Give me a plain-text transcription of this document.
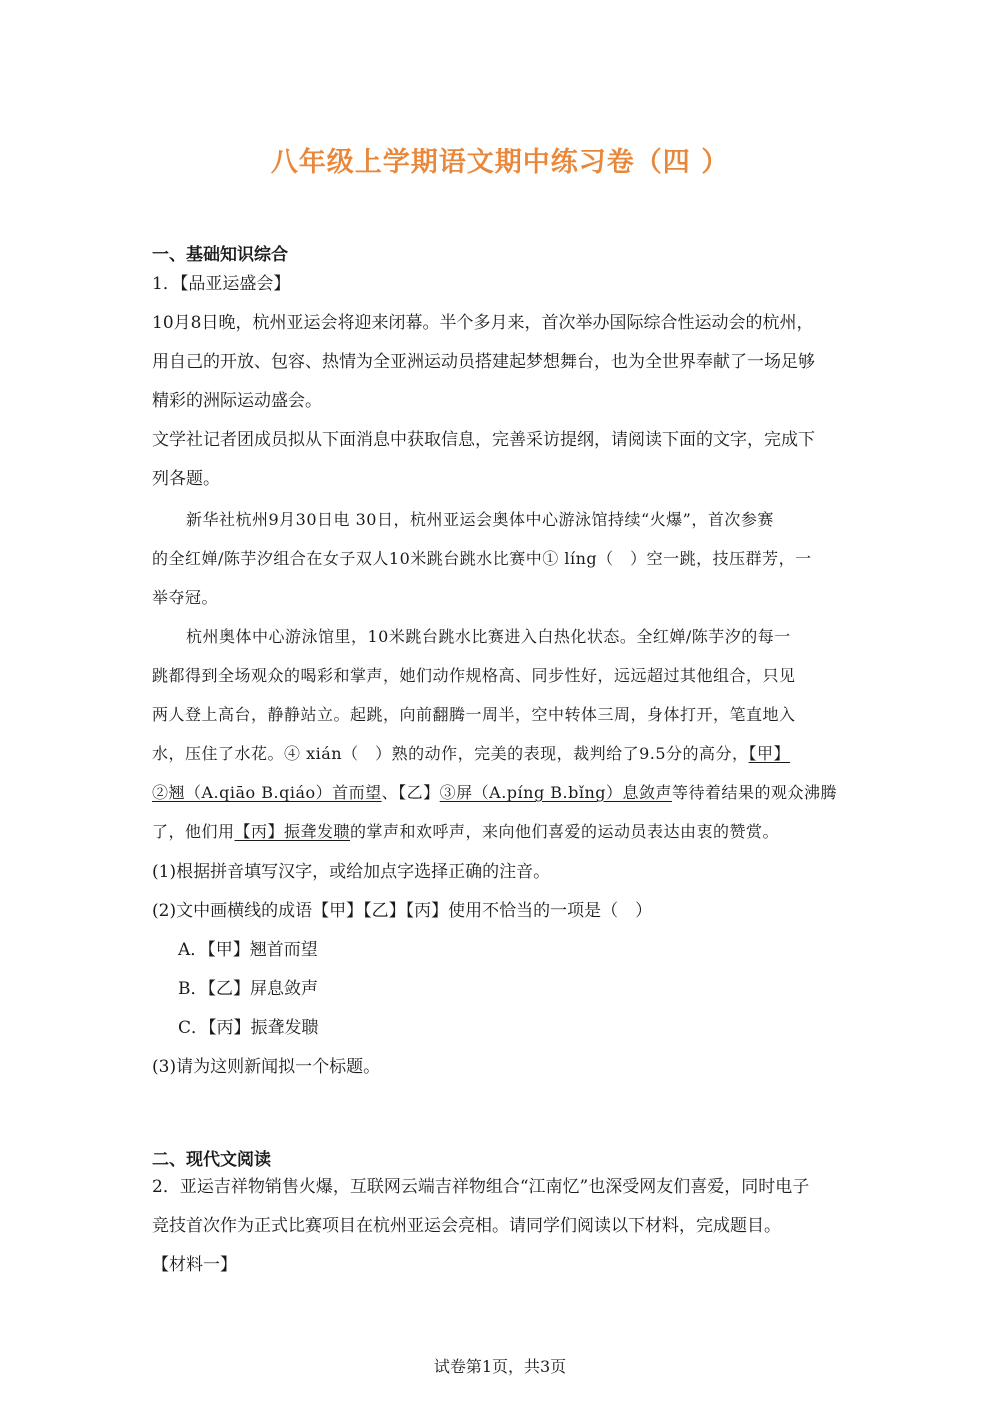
八年级上学期语文期中练习卷（四 ）
一、基础知识综合
1．【品亚运盛会】
10月8日晚，杭州亚运会将迎来闭幕。半个多月来，首次举办国际综合性运动会的杭州，
用自己的开放、包容、热情为全亚洲运动员搭建起梦想舞台，也为全世界奉献了一场足够
精彩的洲际运动盛会。
文学社记者团成员拟从下面消息中获取信息，完善采访提纲，请阅读下面的文字，完成下
列各题。
新华社杭州9月30日电 30日，杭州亚运会奥体中心游泳馆持续“火爆”，首次参赛
的全红婵/陈芋汐组合在女子双人10米跳台跳水比赛中① líng（　）空一跳，技压群芳，一
举夺冠。
杭州奥体中心游泳馆里，10米跳台跳水比赛进入白热化状态。全红婵/陈芋汐的每一
跳都得到全场观众的喝彩和掌声，她们动作规格高、同步性好，远远超过其他组合，只见
两人登上高台，静静站立。起跳，向前翻腾一周半，空中转体三周，身体打开，笔直地入
水，压住了水花。④ xián（　）熟的动作，完美的表现，裁判给了9.5分的高分，【甲】
②翘（A.qiāo B.qiáo）首而望、【乙】③屏（A.píng B.bǐng）息敛声等待着结果的观众沸腾
了，他们用【丙】振聋发聩的掌声和欢呼声，来向他们喜爱的运动员表达由衷的赞赏。
(1)根据拼音填写汉字，或给加点字选择正确的注音。
(2)文中画横线的成语【甲】【乙】【丙】使用不恰当的一项是（　）
A．【甲】翘首而望
B．【乙】屏息敛声
C．【丙】振聋发聩
(3)请为这则新闻拟一个标题。
二、现代文阅读
2．亚运吉祥物销售火爆，互联网云端吉祥物组合“江南忆”也深受网友们喜爱，同时电子
竞技首次作为正式比赛项目在杭州亚运会亮相。请同学们阅读以下材料，完成题目。
【材料一】
试卷第1页，共3页
